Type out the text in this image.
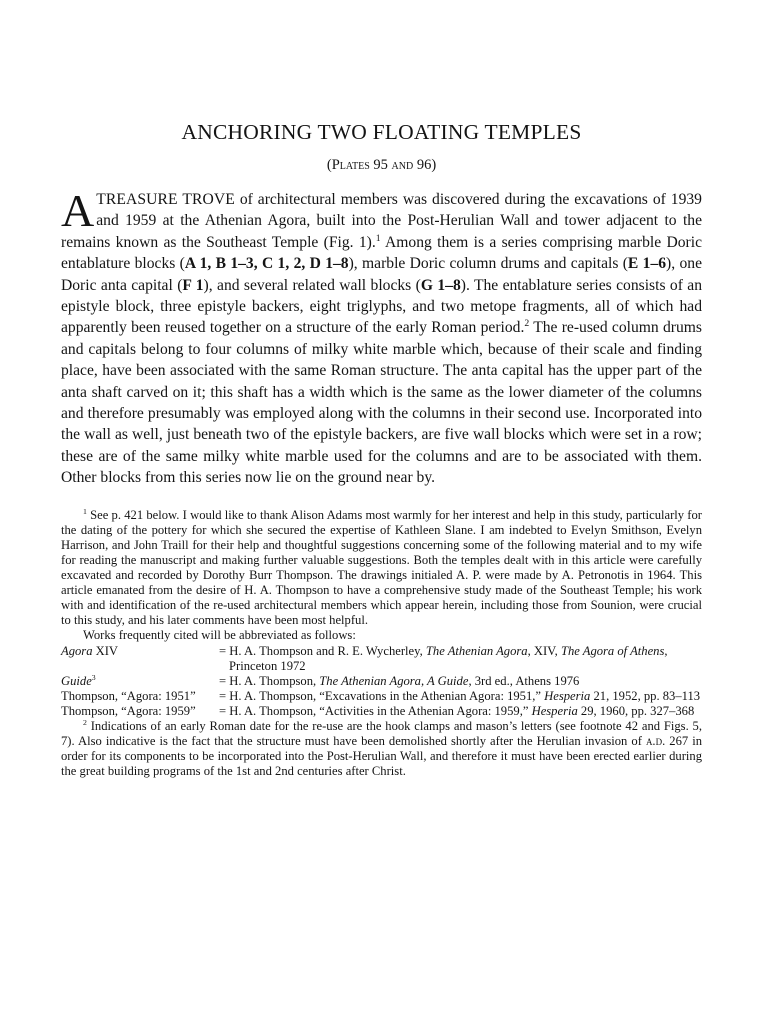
ANCHORING TWO FLOATING TEMPLES
(Plates 95 and 96)

ATREASURE TROVE of architectural members was discovered during the excavations of 1939 and 1959 at the Athenian Agora, built into the Post-Herulian Wall and tower adjacent to the remains known as the Southeast Temple (Fig. 1).$^1$ Among them is a series comprising marble Doric entablature blocks (A 1, B 1–3, C 1, 2, D 1–8), marble Doric column drums and capitals (E 1–6), one Doric anta capital (F 1), and several related wall blocks (G 1–8). The entablature series consists of an epistyle block, three epistyle backers, eight triglyphs, and two metope fragments, all of which had apparently been reused together on a structure of the early Roman period.$^2$ The re-used column drums and capitals belong to four columns of milky white marble which, because of their scale and finding place, have been associated with the same Roman structure. The anta capital has the upper part of the anta shaft carved on it; this shaft has a width which is the same as the lower diameter of the columns and therefore presumably was employed along with the columns in their second use. Incorporated into the wall as well, just beneath two of the epistyle backers, are five wall blocks which were set in a row; these are of the same milky white marble used for the columns and are to be associated with them. Other blocks from this series now lie on the ground near by.

$^1$ See p. 421 below. I would like to thank Alison Adams most warmly for her interest and help in this study, particularly for the dating of the pottery for which she secured the expertise of Kathleen Slane. I am indebted to Evelyn Smithson, Evelyn Harrison, and John Traill for their help and thoughtful suggestions concerning some of the following material and to my wife for reading the manuscript and making further valuable suggestions. Both the temples dealt with in this article were carefully excavated and recorded by Dorothy Burr Thompson. The drawings initialed A. P. were made by A. Petronotis in 1964. This article emanated from the desire of H. A. Thompson to have a comprehensive study made of the Southeast Temple; his work with and identification of the re-used architectural members which appear herein, including those from Sounion, were crucial to this study, and his later comments have been most helpful.

Works frequently cited will be abbreviated as follows:

Agora XIV	= H. A. Thompson and R. E. Wycherley, The Athenian Agora, XIV, The Agora of Athens, Princeton 1972
Guide$^3$	= H. A. Thompson, The Athenian Agora, A Guide, 3rd ed., Athens 1976
Thompson, “Agora: 1951”	= H. A. Thompson, “Excavations in the Athenian Agora: 1951,” Hesperia 21, 1952, pp. 83–113
Thompson, “Agora: 1959”	= H. A. Thompson, “Activities in the Athenian Agora: 1959,” Hesperia 29, 1960, pp. 327–368

$^2$ Indications of an early Roman date for the re-use are the hook clamps and mason’s letters (see footnote 42 and Figs. 5, 7). Also indicative is the fact that the structure must have been demolished shortly after the Herulian invasion of a.d. 267 in order for its components to be incorporated into the Post-Herulian Wall, and therefore it must have been erected earlier during the great building programs of the 1st and 2nd centuries after Christ.
